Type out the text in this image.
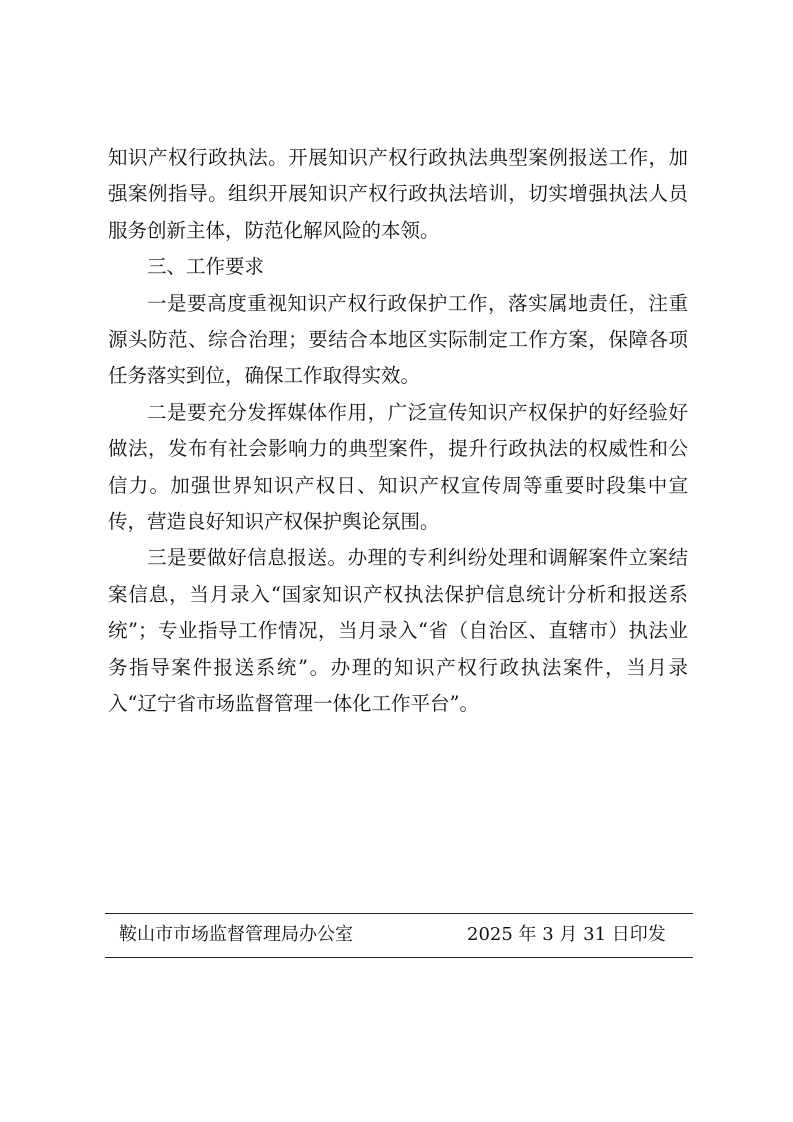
知识产权行政执法。开展知识产权行政执法典型案例报送工作，加强案例指导。组织开展知识产权行政执法培训，切实增强执法人员服务创新主体，防范化解风险的本领。

三、工作要求

一是要高度重视知识产权行政保护工作，落实属地责任，注重源头防范、综合治理；要结合本地区实际制定工作方案，保障各项任务落实到位，确保工作取得实效。

二是要充分发挥媒体作用，广泛宣传知识产权保护的好经验好做法，发布有社会影响力的典型案件，提升行政执法的权威性和公信力。加强世界知识产权日、知识产权宣传周等重要时段集中宣传，营造良好知识产权保护舆论氛围。

三是要做好信息报送。办理的专利纠纷处理和调解案件立案结案信息，当月录入“国家知识产权执法保护信息统计分析和报送系统”；专业指导工作情况，当月录入“省（自治区、直辖市）执法业务指导案件报送系统”。办理的知识产权行政执法案件，当月录入“辽宁省市场监督管理一体化工作平台”。

鞍山市市场监督管理局办公室	2025 年 3 月 31 日印发
